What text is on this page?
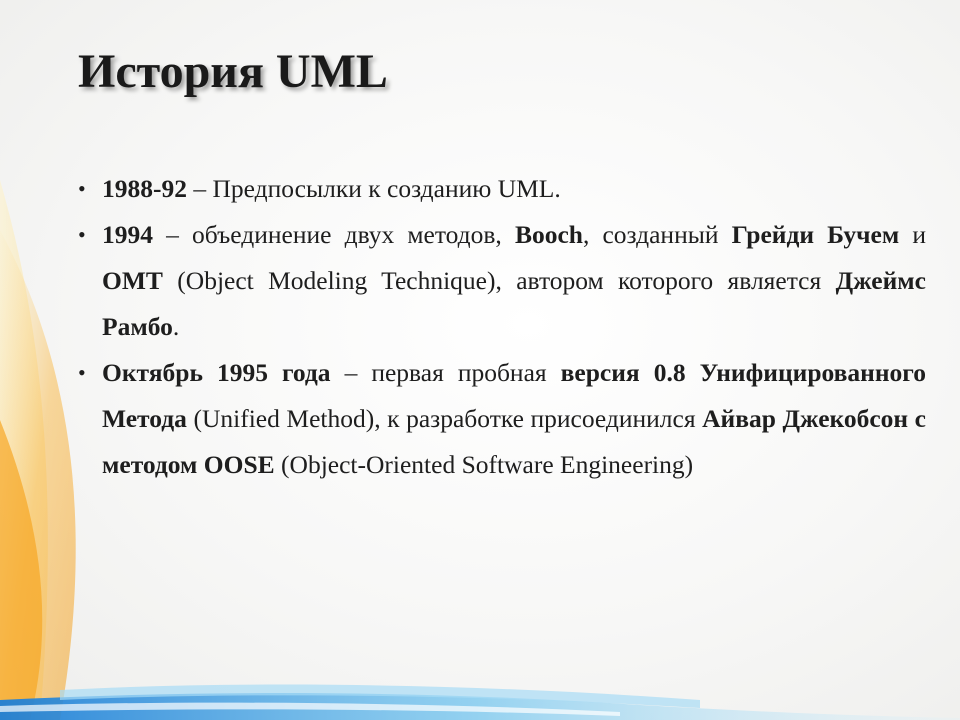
История UML
• 1988-92 – Предпосылки к созданию UML.
• 1994 – объединение двух методов, Booch, созданный Грейди Бучем и OMT (Object Modeling Technique), автором которого является Джеймс Рамбо.
• Октябрь 1995 года – первая пробная версия 0.8 Унифицированного Метода (Unified Method), к разработке присоединился Айвар Джекобсон с методом OOSE (Object-Oriented Software Engineering)
